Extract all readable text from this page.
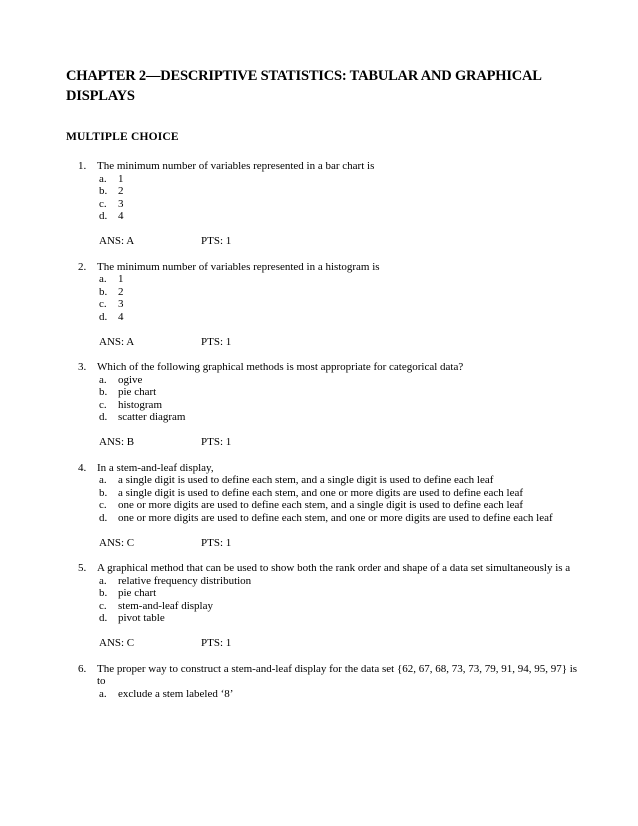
CHAPTER 2—DESCRIPTIVE STATISTICS: TABULAR AND GRAPHICAL DISPLAYS
MULTIPLE CHOICE
1. The minimum number of variables represented in a bar chart is
a. 1
b. 2
c. 3
d. 4
ANS: A	PTS: 1
2. The minimum number of variables represented in a histogram is
a. 1
b. 2
c. 3
d. 4
ANS: A	PTS: 1
3. Which of the following graphical methods is most appropriate for categorical data?
a. ogive
b. pie chart
c. histogram
d. scatter diagram
ANS: B	PTS: 1
4. In a stem-and-leaf display,
a. a single digit is used to define each stem, and a single digit is used to define each leaf
b. a single digit is used to define each stem, and one or more digits are used to define each leaf
c. one or more digits are used to define each stem, and a single digit is used to define each leaf
d. one or more digits are used to define each stem, and one or more digits are used to define each leaf
ANS: C	PTS: 1
5. A graphical method that can be used to show both the rank order and shape of a data set simultaneously is a
a. relative frequency distribution
b. pie chart
c. stem-and-leaf display
d. pivot table
ANS: C	PTS: 1
6. The proper way to construct a stem-and-leaf display for the data set {62, 67, 68, 73, 73, 79, 91, 94, 95, 97} is to
a. exclude a stem labeled ‘8’
